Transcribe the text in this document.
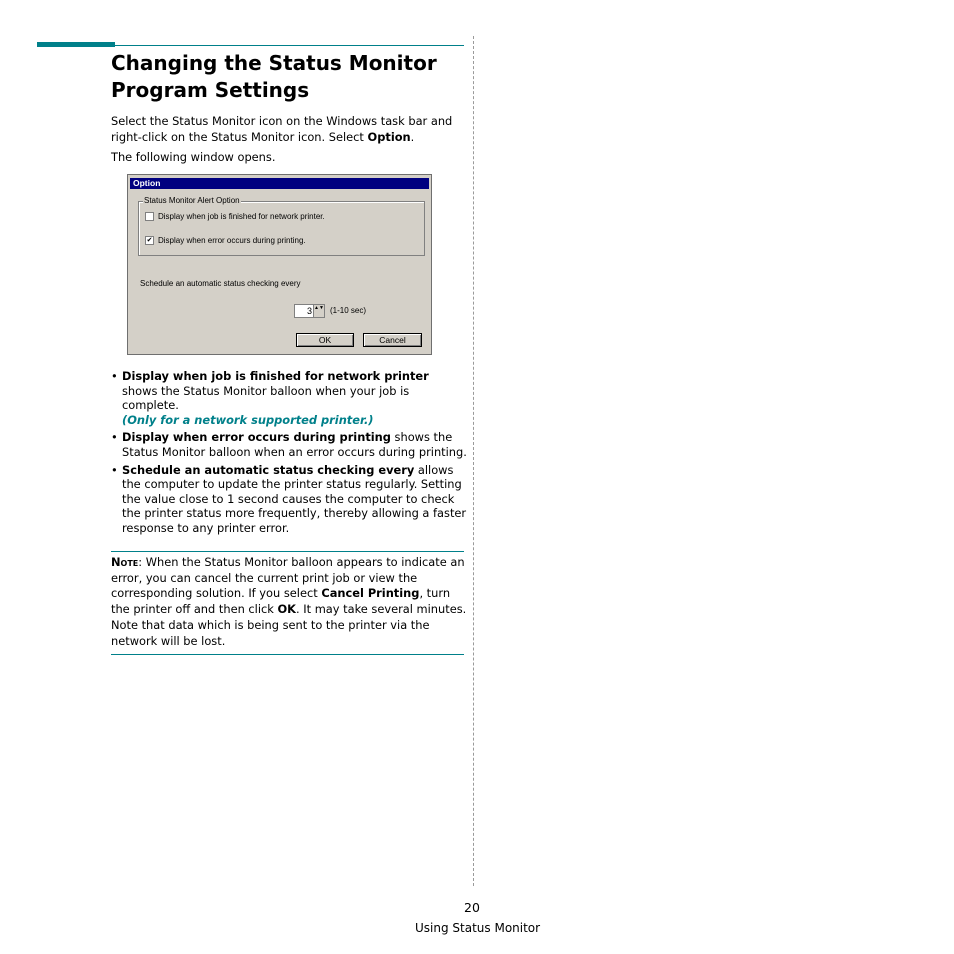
Changing the Status Monitor Program Settings

Select the Status Monitor icon on the Windows task bar and right-click on the Status Monitor icon. Select Option.

The following window opens.

Option
Status Monitor Alert Option
Display when job is finished for network printer.
✔ Display when error occurs during printing.
Schedule an automatic status checking every
3 ▲▼ (1-10 sec)
OK	Cancel
• Display when job is finished for network printer shows the Status Monitor balloon when your job is complete.
(Only for a network supported printer.)
• Display when error occurs during printing shows the Status Monitor balloon when an error occurs during printing.
• Schedule an automatic status checking every allows the computer to update the printer status regularly. Setting the value close to 1 second causes the computer to check the printer status more frequently, thereby allowing a faster response to any printer error.

Note: When the Status Monitor balloon appears to indicate an error, you can cancel the current print job or view the corresponding solution. If you select Cancel Printing, turn the printer off and then click OK. It may take several minutes. Note that data which is being sent to the printer via the network will be lost.

20
Using Status Monitor
